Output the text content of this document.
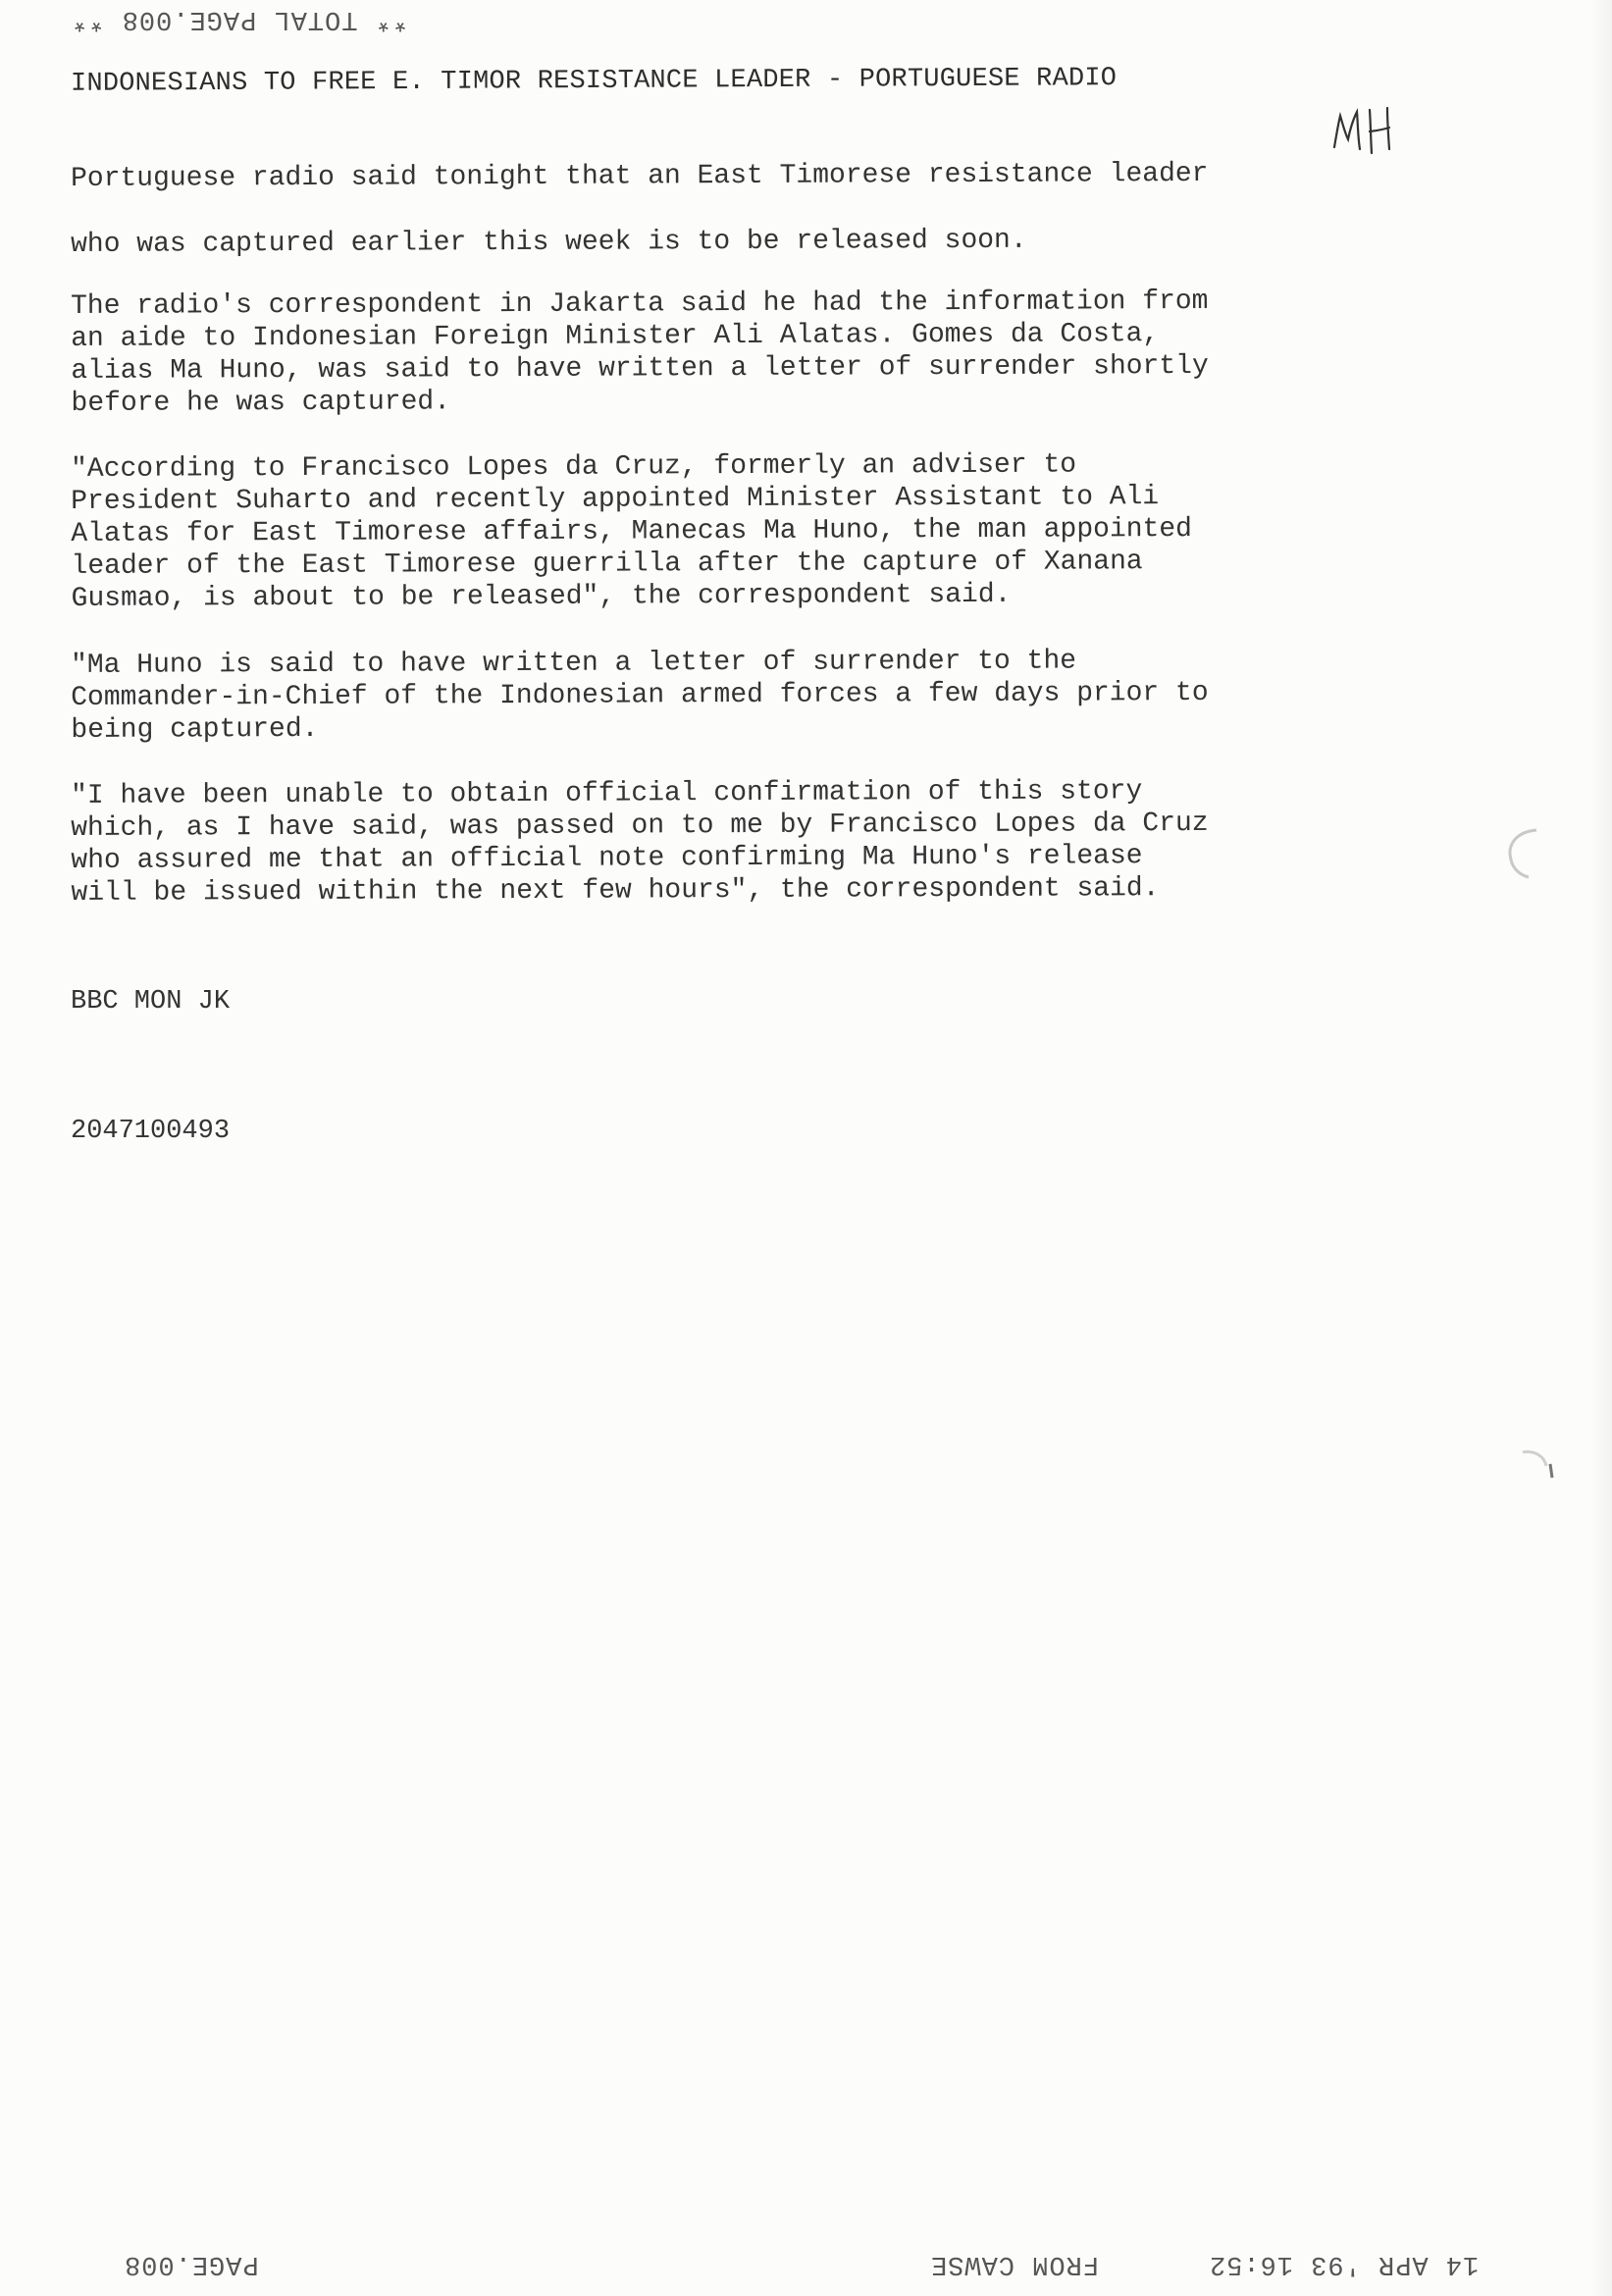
** TOTAL PAGE.008 **
INDONESIANS TO FREE E. TIMOR RESISTANCE LEADER - PORTUGUESE RADIO
Portuguese radio said tonight that an East Timorese resistance leader
who was captured earlier this week is to be released soon.
The radio's correspondent in Jakarta said he had the information from
an aide to Indonesian Foreign Minister Ali Alatas. Gomes da Costa,
alias Ma Huno, was said to have written a letter of surrender shortly
before he was captured.
"According to Francisco Lopes da Cruz, formerly an adviser to
President Suharto and recently appointed Minister Assistant to Ali
Alatas for East Timorese affairs, Manecas Ma Huno, the man appointed
leader of the East Timorese guerrilla after the capture of Xanana
Gusmao, is about to be released", the correspondent said.
"Ma Huno is said to have written a letter of surrender to the
Commander-in-Chief of the Indonesian armed forces a few days prior to
being captured.
"I have been unable to obtain official confirmation of this story
which, as I have said, was passed on to me by Francisco Lopes da Cruz
who assured me that an official note confirming Ma Huno's release
will be issued within the next few hours", the correspondent said.
BBC MON JK
2047100493
PAGE.008	FROM CAWSE	14 APR '93 16:52
